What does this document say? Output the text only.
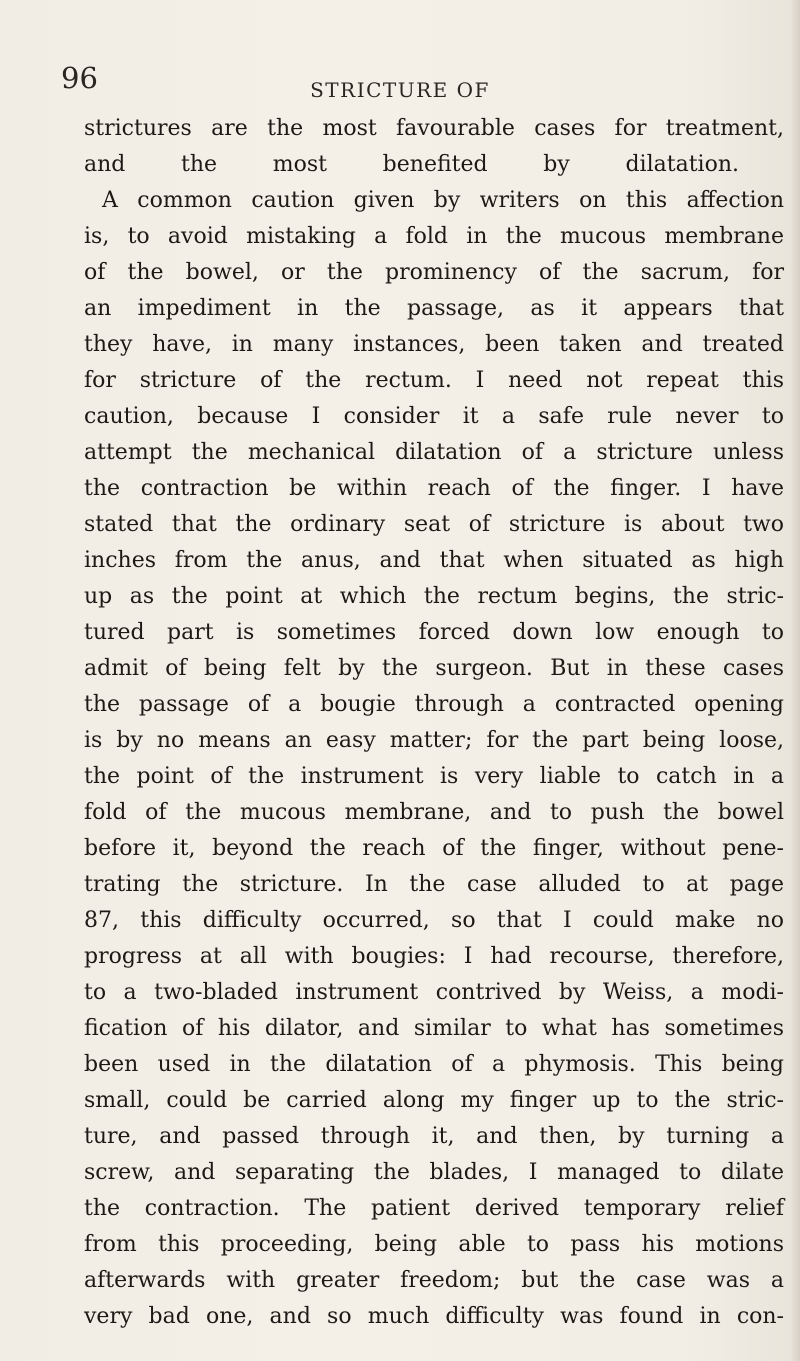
96	STRICTURE OF
strictures are the most favourable cases for treatment,
and the most benefited by dilatation.
A common caution given by writers on this affection
is, to avoid mistaking a fold in the mucous membrane
of the bowel, or the prominency of the sacrum, for
an impediment in the passage, as it appears that
they have, in many instances, been taken and treated
for stricture of the rectum. I need not repeat this
caution, because I consider it a safe rule never to
attempt the mechanical dilatation of a stricture unless
the contraction be within reach of the finger. I have
stated that the ordinary seat of stricture is about two
inches from the anus, and that when situated as high
up as the point at which the rectum begins, the stric-
tured part is sometimes forced down low enough to
admit of being felt by the surgeon. But in these cases
the passage of a bougie through a contracted opening
is by no means an easy matter; for the part being loose,
the point of the instrument is very liable to catch in a
fold of the mucous membrane, and to push the bowel
before it, beyond the reach of the finger, without pene-
trating the stricture. In the case alluded to at page
87, this difficulty occurred, so that I could make no
progress at all with bougies: I had recourse, therefore,
to a two-bladed instrument contrived by Weiss, a modi-
fication of his dilator, and similar to what has sometimes
been used in the dilatation of a phymosis. This being
small, could be carried along my finger up to the stric-
ture, and passed through it, and then, by turning a
screw, and separating the blades, I managed to dilate
the contraction. The patient derived temporary relief
from this proceeding, being able to pass his motions
afterwards with greater freedom; but the case was a
very bad one, and so much difficulty was found in con-
